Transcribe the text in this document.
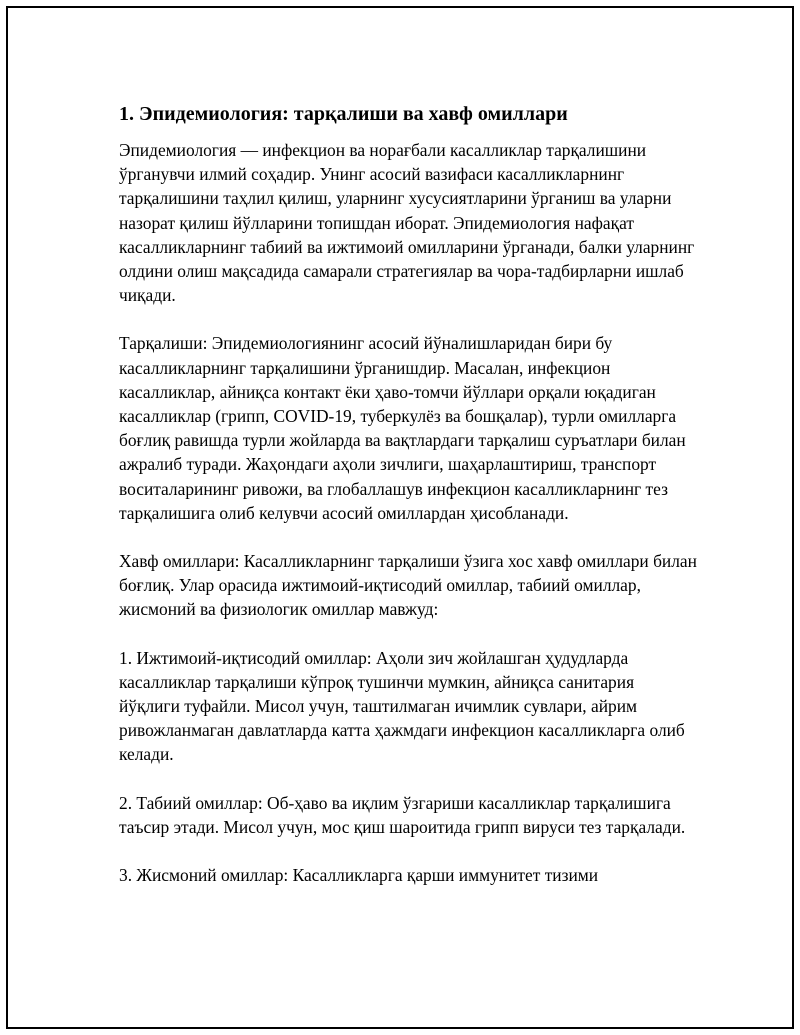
1. Эпидемиология: тарқалиши ва хавф омиллари

Эпидемиология — инфекцион ва норағбали касалликлар тарқалишини ўрганувчи илмий соҳадир. Унинг асосий вазифаси касалликларнинг тарқалишини таҳлил қилиш, уларнинг хусусиятларини ўрганиш ва уларни назорат қилиш йўлларини топишдан иборат. Эпидемиология нафақат касалликларнинг табиий ва ижтимоий омилларини ўрганади, балки уларнинг олдини олиш мақсадида самарали стратегиялар ва чора-тадбирларни ишлаб чиқади.

Тарқалиши: Эпидемиологиянинг асосий йўналишларидан бири бу касалликларнинг тарқалишини ўрганишдир. Масалан, инфекцион касалликлар, айниқса контакт ёки ҳаво-томчи йўллари орқали юқадиган касалликлар (грипп, COVID-19, туберкулёз ва бошқалар), турли омилларга боғлиқ равишда турли жойларда ва вақтлардаги тарқалиш суръатлари билан ажралиб туради. Жаҳондаги аҳоли зичлиги, шаҳарлаштириш, транспорт воситаларининг ривожи, ва глобаллашув инфекцион касалликларнинг тез тарқалишига олиб келувчи асосий омиллардан ҳисобланади.

Хавф омиллари: Касалликларнинг тарқалиши ўзига хос хавф омиллари билан боғлиқ. Улар орасида ижтимоий-иқтисодий омиллар, табиий омиллар, жисмоний ва физиологик омиллар мавжуд:

1. Ижтимоий-иқтисодий омиллар: Аҳоли зич жойлашган ҳудудларда касалликлар тарқалиши кўпроқ тушинчи мумкин, айниқса санитария йўқлиги туфайли. Мисол учун, таштилмаган ичимлик сувлари, айрим ривожланмаган давлатларда катта ҳажмдаги инфекцион касалликларга олиб келади.

2. Табиий омиллар: Об-ҳаво ва иқлим ўзгариши касалликлар тарқалишига таъсир этади. Мисол учун, мос қиш шароитида грипп вируси тез тарқалади.

3. Жисмоний омиллар: Касалликларга қарши иммунитет тизими
